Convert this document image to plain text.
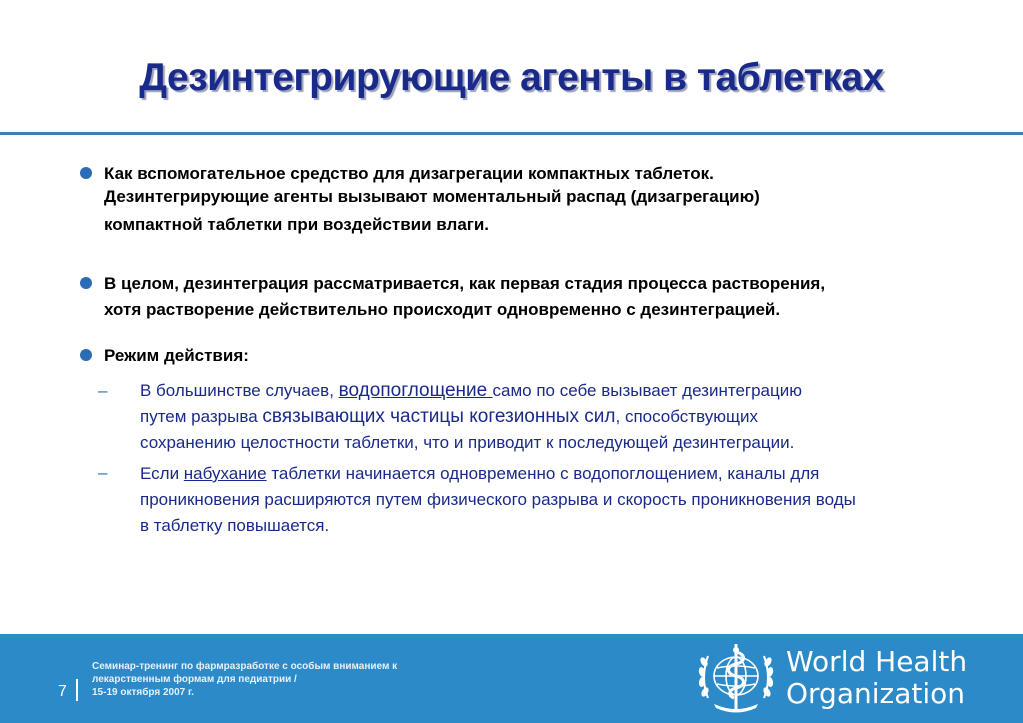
Дезинтегрирующие агенты в таблетках
Как вспомогательное средство для дизагрегации компактных таблеток.
Дезинтегрирующие агенты вызывают моментальный распад (дизагрегацию)
компактной таблетки при воздействии влаги.
В целом, дезинтеграция рассматривается, как первая стадия процесса растворения,
хотя растворение действительно происходит одновременно с дезинтеграцией.
Режим действия:
– В большинстве случаев, водопоглощение само по себе вызывает дезинтеграцию
путем разрыва связывающих частицы когезионных сил, способствующих
сохранению целостности таблетки, что и приводит к последующей дезинтеграции.
– Если набухание таблетки начинается одновременно с водопоглощением, каналы для
проникновения расширяются путем физического разрыва и скорость проникновения воды
в таблетку повышается.
7
Семинар-тренинг по фармразработке с особым вниманием к
лекарственным формам для педиатрии /
15-19 октября 2007 г.
World Health
Organization
